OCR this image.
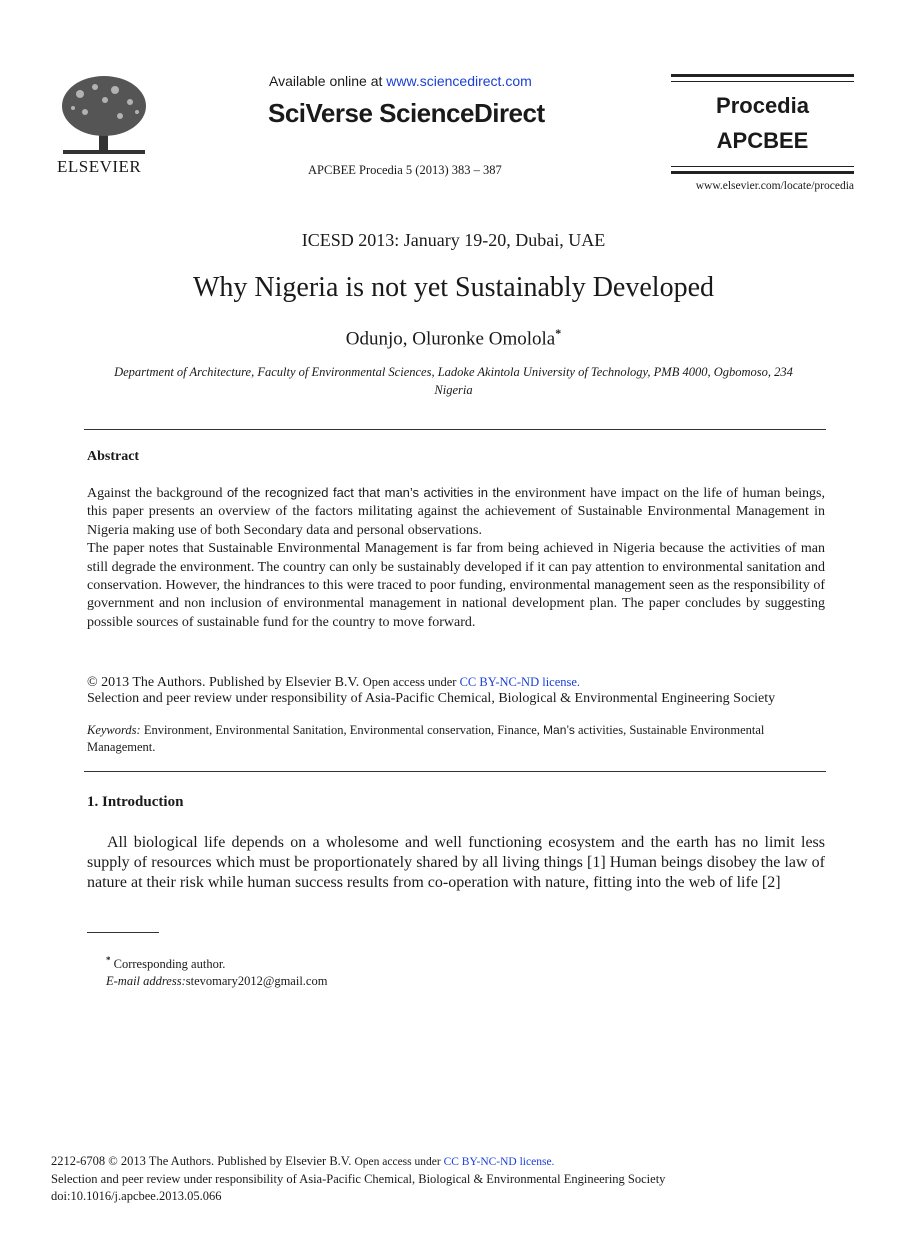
ELSEVIER
Available online at www.sciencedirect.com
SciVerse ScienceDirect
APCBEE Procedia 5 (2013) 383 – 387
Procedia
APCBEE
www.elsevier.com/locate/procedia
ICESD 2013: January 19-20, Dubai, UAE
Why Nigeria is not yet Sustainably Developed
Odunjo, Oluronke Omolola*
Department of Architecture, Faculty of Environmental Sciences, Ladoke Akintola University of Technology, PMB 4000, Ogbomoso, 234
Nigeria
Abstract
Against the background of the recognized fact that man’s activities in the environment have impact on the life of human beings, this paper presents an overview of the factors militating against the achievement of Sustainable Environmental Management in Nigeria making use of both Secondary data and personal observations.
The paper notes that Sustainable Environmental Management is far from being achieved in Nigeria because the activities of man still degrade the environment. The country can only be sustainably developed if it can pay attention to environmental sanitation and conservation. However, the hindrances to this were traced to poor funding, environmental management seen as the responsibility of government and non inclusion of environmental management in national development plan. The paper concludes by suggesting possible sources of sustainable fund for the country to move forward.
© 2013 The Authors. Published by Elsevier B.V. Open access under CC BY-NC-ND license.
Selection and peer review under responsibility of Asia-Pacific Chemical, Biological & Environmental Engineering Society
Keywords: Environment, Environmental Sanitation, Environmental conservation, Finance, Man’s activities, Sustainable Environmental Management.
1. Introduction
All biological life depends on a wholesome and well functioning ecosystem and the earth has no limit less supply of resources which must be proportionately shared by all living things [1] Human beings disobey the law of nature at their risk while human success results from co-operation with nature, fitting into the web of life [2]
* Corresponding author.
E-mail address:stevomary2012@gmail.com
2212-6708 © 2013 The Authors. Published by Elsevier B.V. Open access under CC BY-NC-ND license.
Selection and peer review under responsibility of Asia-Pacific Chemical, Biological & Environmental Engineering Society
doi:10.1016/j.apcbee.2013.05.066
